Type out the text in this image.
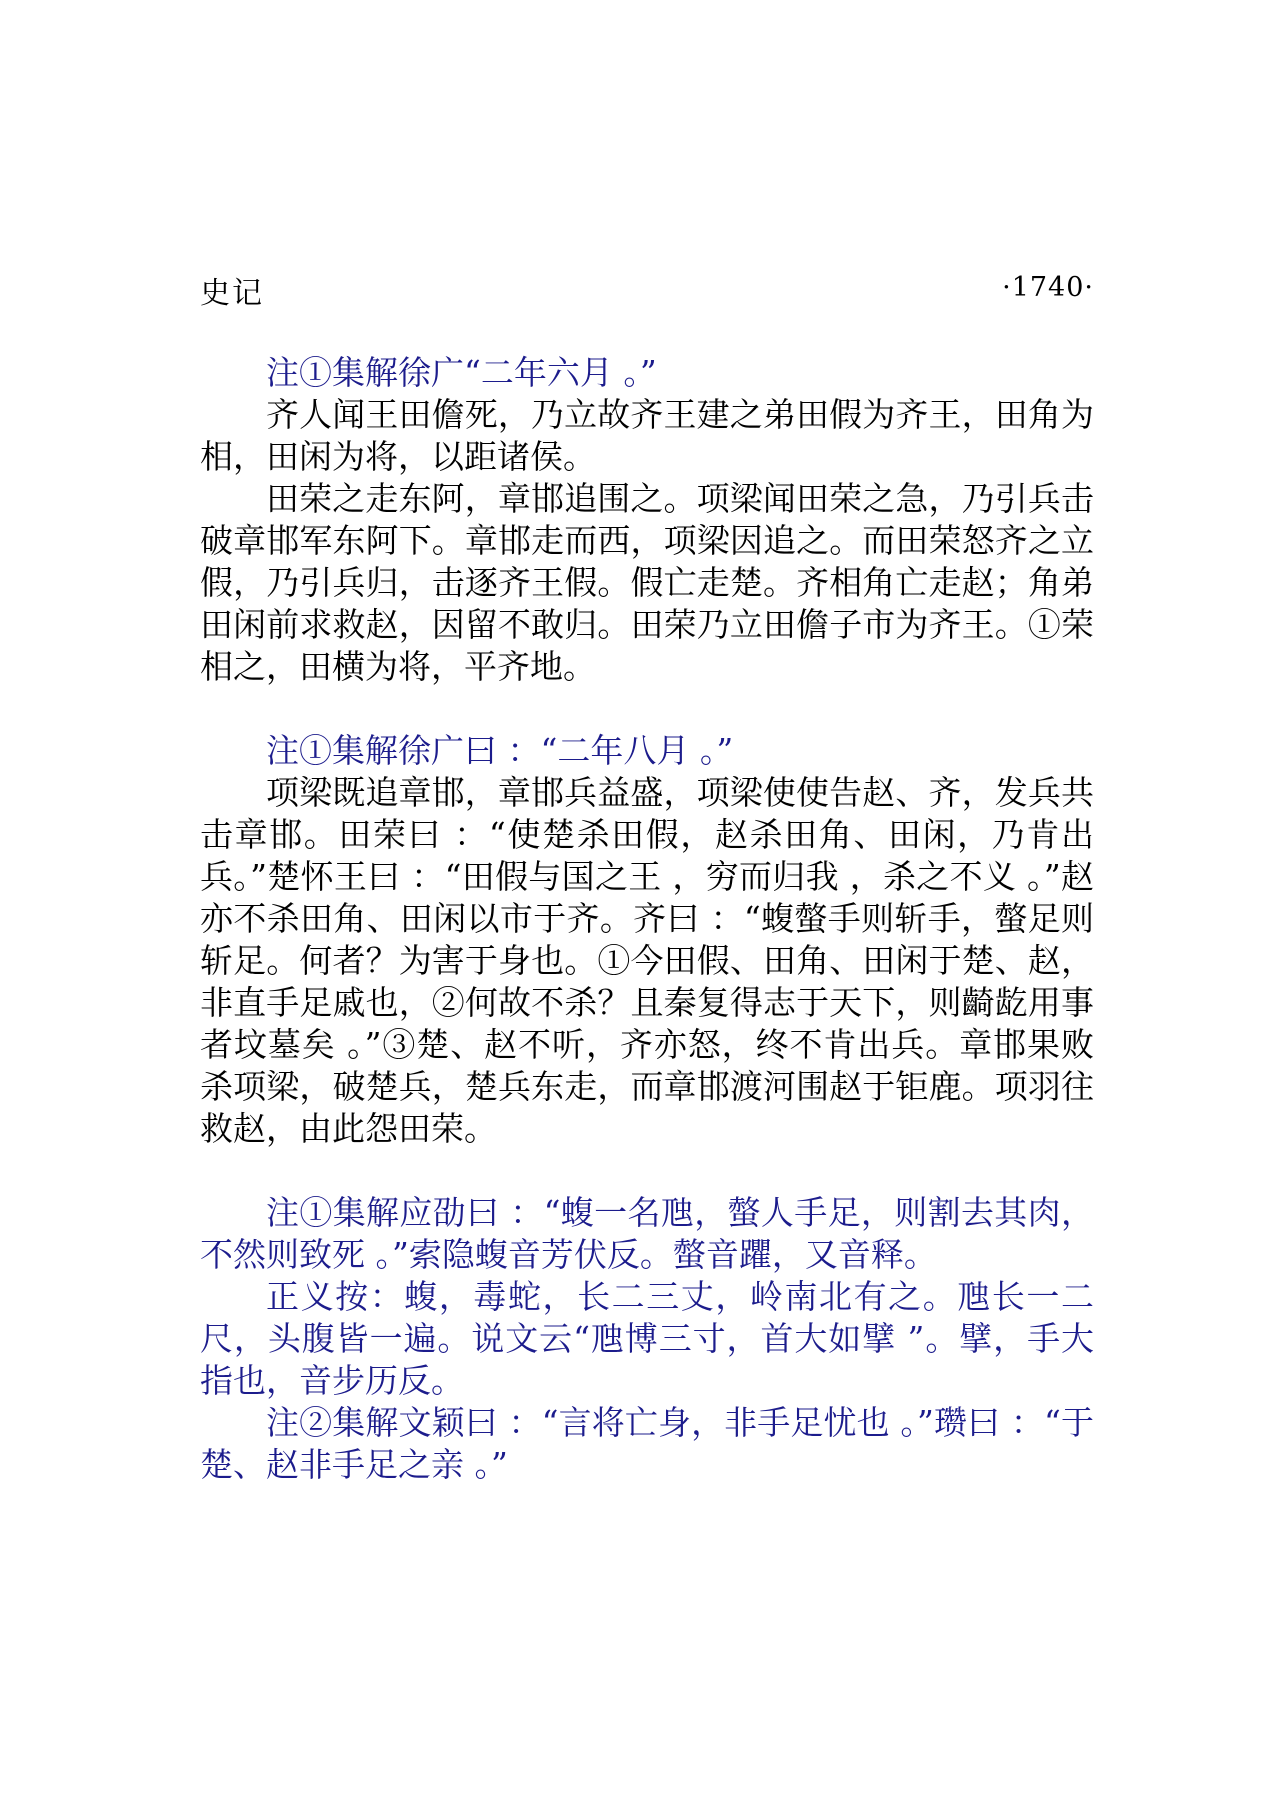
史记	·1740·

注①集解徐广“二年六月 。”

齐人闻王田儋死，乃立故齐王建之弟田假为齐王，田角为相，田闲为将，以距诸侯。

田荣之走东阿，章邯追围之。项梁闻田荣之急，乃引兵击破章邯军东阿下。章邯走而西，项梁因追之。而田荣怒齐之立假，乃引兵归，击逐齐王假。假亡走楚。齐相角亡走赵；角弟田闲前求救赵，因留不敢归。田荣乃立田儋子市为齐王。①荣相之，田横为将，平齐地。

注①集解徐广曰 ：“二年八月 。”

项梁既追章邯，章邯兵益盛，项梁使使告赵、齐，发兵共击章邯。田荣曰 ：“使楚杀田假，赵杀田角、田闲，乃肯出兵。”楚怀王曰 ：“田假与国之王 ，穷而归我 ，杀之不义 。”赵亦不杀田角、田闲以市于齐。齐曰 ：“蝮螫手则斩手，螫足则斩足。何者？为害于身也。①今田假、田角、田闲于楚、赵，非直手足戚也，②何故不杀？且秦复得志于天下，则齮龁用事者坟墓矣 。”③楚、赵不听，齐亦怒，终不肯出兵。章邯果败杀项梁，破楚兵，楚兵东走，而章邯渡河围赵于钜鹿。项羽往救赵，由此怨田荣。

注①集解应劭曰 ：“蝮一名虺，螫人手足，则割去其肉，不然则致死 。”索隐蝮音芳伏反。螫音躣，又音释。

正义按：蝮，毒蛇，长二三丈，岭南北有之。虺长一二尺，头腹皆一遍。说文云“虺博三寸，首大如擘 ”。擘，手大指也，音步历反。

注②集解文颖曰 ：“言将亡身，非手足忧也 。”瓒曰 ：“于楚、赵非手足之亲 。”
